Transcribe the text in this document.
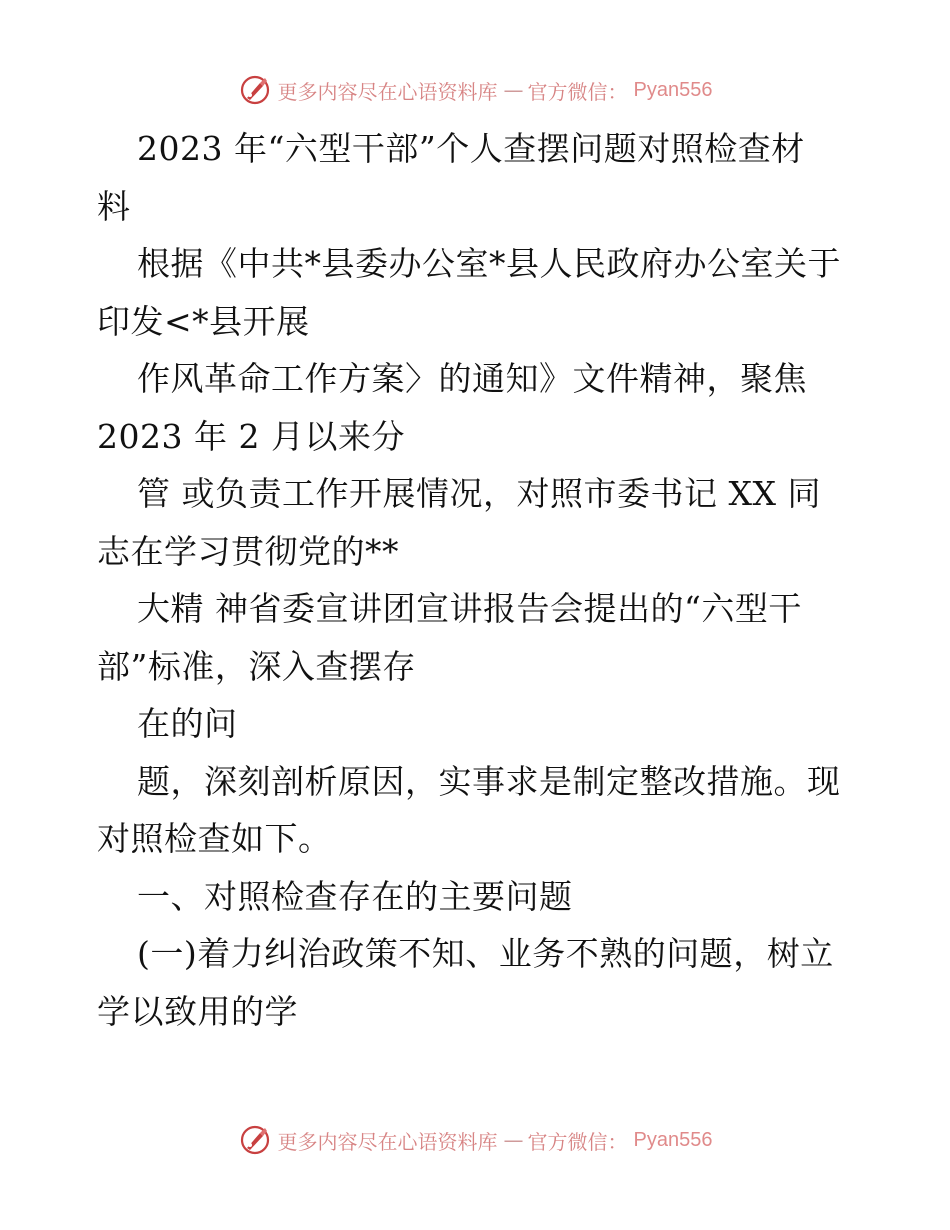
更多内容尽在心语资料库 — 官方微信： Pyan556
2023 年“六型干部”个人查摆问题对照检查材
料
根据《中共*县委办公室*县人民政府办公室关于
印发<*县开展
作风革命工作方案〉的通知》文件精神，聚焦
2023 年 2 月以来分
管 或负责工作开展情况，对照市委书记 XX 同
志在学习贯彻党的**
大精 神省委宣讲团宣讲报告会提出的“六型干
部”标准，深入查摆存
在的问
题，深刻剖析原因，实事求是制定整改措施。现
对照检查如下。
一、对照检查存在的主要问题
(一)着力纠治政策不知、业务不熟的问题，树立
学以致用的学
更多内容尽在心语资料库 — 官方微信： Pyan556
